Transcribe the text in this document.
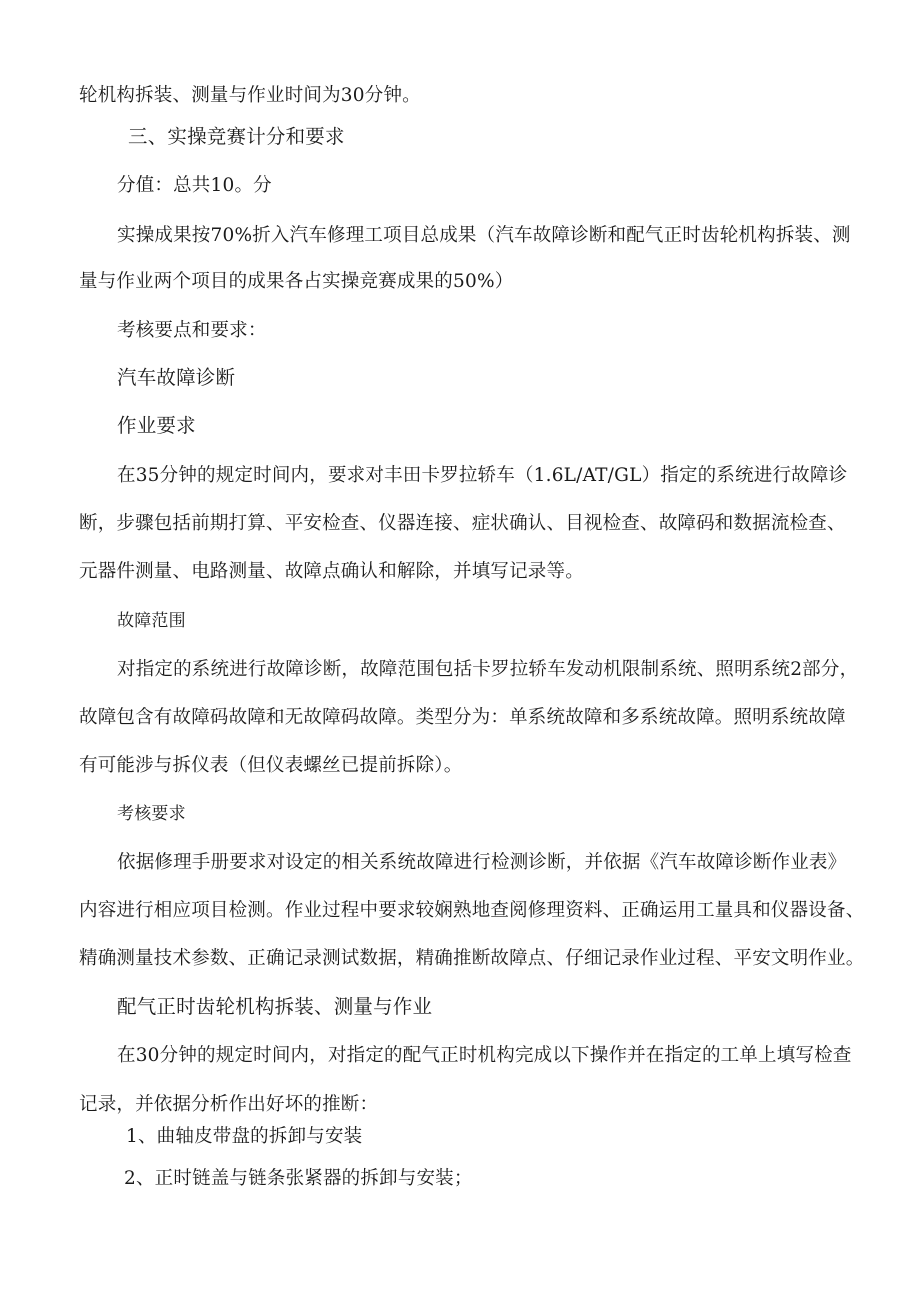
轮机构拆装、测量与作业时间为30分钟。
三、实操竞赛计分和要求
分值：总共10。分
实操成果按70%折入汽车修理工项目总成果（汽车故障诊断和配气正时齿轮机构拆装、测
量与作业两个项目的成果各占实操竞赛成果的50%）
考核要点和要求：
汽车故障诊断
作业要求
在35分钟的规定时间内，要求对丰田卡罗拉轿车（1.6L/AT/GL）指定的系统进行故障诊
断，步骤包括前期打算、平安检查、仪器连接、症状确认、目视检查、故障码和数据流检查、
元器件测量、电路测量、故障点确认和解除，并填写记录等。
故障范围
对指定的系统进行故障诊断，故障范围包括卡罗拉轿车发动机限制系统、照明系统2部分，
故障包含有故障码故障和无故障码故障。类型分为：单系统故障和多系统故障。照明系统故障
有可能涉与拆仪表（但仪表螺丝已提前拆除）。
考核要求
依据修理手册要求对设定的相关系统故障进行检测诊断，并依据《汽车故障诊断作业表》
内容进行相应项目检测。作业过程中要求较娴熟地查阅修理资料、正确运用工量具和仪器设备、
精确测量技术参数、正确记录测试数据，精确推断故障点、仔细记录作业过程、平安文明作业。
配气正时齿轮机构拆装、测量与作业
在30分钟的规定时间内，对指定的配气正时机构完成以下操作并在指定的工单上填写检查
记录，并依据分析作出好坏的推断：
1、曲轴皮带盘的拆卸与安装
2、正时链盖与链条张紧器的拆卸与安装；
